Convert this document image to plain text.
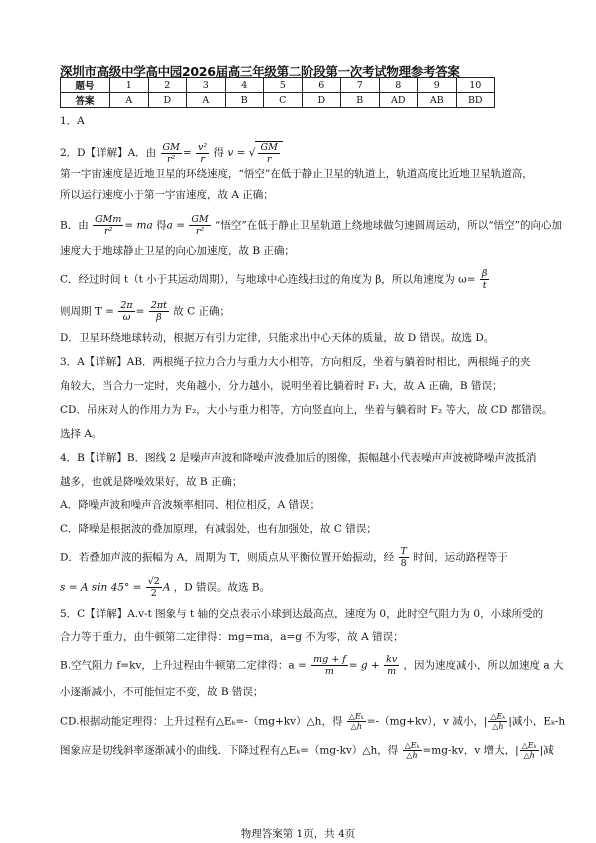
深圳市高级中学高中园2026届高三年级第二阶段第一次考试物理参考答案
题号	1	2	3	4	5	6	7	8	9	10
答案	A	D	A	B	C	D	B	AD	AB	BD
1．A
2．D【详解】A．由 $\frac{GM}{\text{r²}} = \frac{\text{v²}}{r}$ 得 v = √ $\frac{GM}{r}$
第一宇宙速度是近地卫星的环绕速度，“悟空”在低于静止卫星的轨道上，轨道高度比近地卫星轨道高，
所以运行速度小于第一宇宙速度，故 A 正确；
B．由 $\frac{\text{GMm}}{\text{r²}}$ = ma 得$a = \frac{GM}{\text{r²}}$ “悟空”在低于静止卫星轨道上绕地球做匀速圆周运动，所以“悟空”的向心加
速度大于地球静止卫星的向心加速度，故 B 正确；
C．经过时间 t（t 小于其运动周期），与地球中心连线扫过的角度为 β，所以角速度为 $\omega= \frac{\beta}{t}$
则周期 $T = \frac{2\pi}{\omega} = \frac{2\pi t}{\beta}$ 故 C 正确；
D．卫星环绕地球转动，根据万有引力定律，只能求出中心天体的质量，故 D 错误。故选 D。
3．A【详解】AB．两根绳子拉力合力与重力大小相等，方向相反，坐着与躺着时相比，两根绳子的夹
角较大，当合力一定时，夹角越小，分力越小，说明坐着比躺着时 F₁ 大，故 A 正确，B 错误；
CD．吊床对人的作用力为 F₂，大小与重力相等，方向竖直向上，坐着与躺着时 F₂ 等大，故 CD 都错误。
选择 A。
4．B【详解】B．图线 2 是噪声声波和降噪声波叠加后的图像，振幅越小代表噪声声波被降噪声波抵消
越多，也就是降噪效果好，故 B 正确；
A．降噪声波和噪声音波频率相同、相位相反，A 错误；
C．降噪是根据波的叠加原理，有减弱处，也有加强处，故 C 错误；
D．若叠加声波的振幅为 A，周期为 T，则质点从平衡位置开始振动，经 $\frac{T}{8}$ 时间，运动路程等于
s = A $\sin 45^\circ = \frac{√2}{2}$ A ，D 错误。故选 B。
5．C【详解】A.v-t 图象与 t 轴的交点表示小球到达最高点，速度为 0，此时空气阻力为 0，小球所受的
合力等于重力，由牛顿第二定律得：mg=ma，a=g 不为零，故 A 错误；
B.空气阻力 f=kv，上升过程由牛顿第二定律得：$a = \frac{mg + f}{m} = g + \frac{kv}{m}$ ，因为速度减小，所以加速度 a 大
小逐渐减小，不可能恒定不变，故 B 错误；
CD.根据动能定理得：上升过程有△Eₖ=-（mg+kv）△h，得 $\frac{\text{△Eₖ}}{\triangle h} =-(mg+kv)$，v 减小，| $\frac{\text{△Eₖ}}{\triangle h}$ |减小，Eₖ-h
图象应是切线斜率逐渐减小的曲线．下降过程有△Eₖ=（mg-kv）△h，得 $\frac{\text{△Eₖ}}{\triangle h} =mg-kv$，v 增大，| $\frac{\text{△Eₖ}}{\triangle h}$ |减
物理答案第 1页，共 4页
